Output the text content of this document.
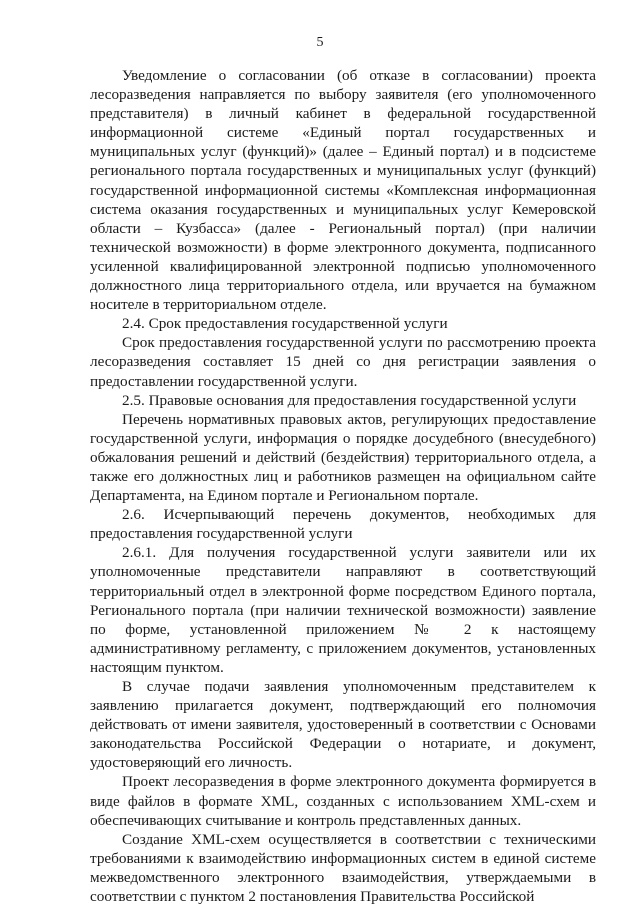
5

Уведомление о согласовании (об отказе в согласовании) проекта лесоразведения направляется по выбору заявителя (его уполномоченного представителя) в личный кабинет в федеральной государственной информационной системе «Единый портал государственных и муниципальных услуг (функций)» (далее – Единый портал) и в подсистеме регионального портала государственных и муниципальных услуг (функций) государственной информационной системы «Комплексная информационная система оказания государственных и муниципальных услуг Кемеровской области – Кузбасса» (далее - Региональный портал) (при наличии технической возможности) в форме электронного документа, подписанного усиленной квалифицированной электронной подписью уполномоченного должностного лица территориального отдела, или вручается на бумажном носителе в территориальном отделе.

2.4. Срок предоставления государственной услуги

Срок предоставления государственной услуги по рассмотрению проекта лесоразведения составляет 15 дней со дня регистрации заявления о предоставлении государственной услуги.

2.5. Правовые основания для предоставления государственной услуги

Перечень нормативных правовых актов, регулирующих предоставление государственной услуги, информация о порядке досудебного (внесудебного) обжалования решений и действий (бездействия) территориального отдела, а также его должностных лиц и работников размещен на официальном сайте Департамента, на Едином портале и Региональном портале.

2.6. Исчерпывающий перечень документов, необходимых для предоставления государственной услуги

2.6.1. Для получения государственной услуги заявители или их уполномоченные представители направляют в соответствующий территориальный отдел в электронной форме посредством Единого портала, Регионального портала (при наличии технической возможности) заявление по форме, установленной приложением № 2 к настоящему административному регламенту, с приложением документов, установленных настоящим пунктом.

В случае подачи заявления уполномоченным представителем к заявлению прилагается документ, подтверждающий его полномочия действовать от имени заявителя, удостоверенный в соответствии с Основами законодательства Российской Федерации о нотариате, и документ, удостоверяющий его личность.

Проект лесоразведения в форме электронного документа формируется в виде файлов в формате XML, созданных с использованием XML-схем и обеспечивающих считывание и контроль представленных данных.

Создание XML-схем осуществляется в соответствии с техническими требованиями к взаимодействию информационных систем в единой системе межведомственного электронного взаимодействия, утверждаемыми в соответствии с пунктом 2 постановления Правительства Российской
